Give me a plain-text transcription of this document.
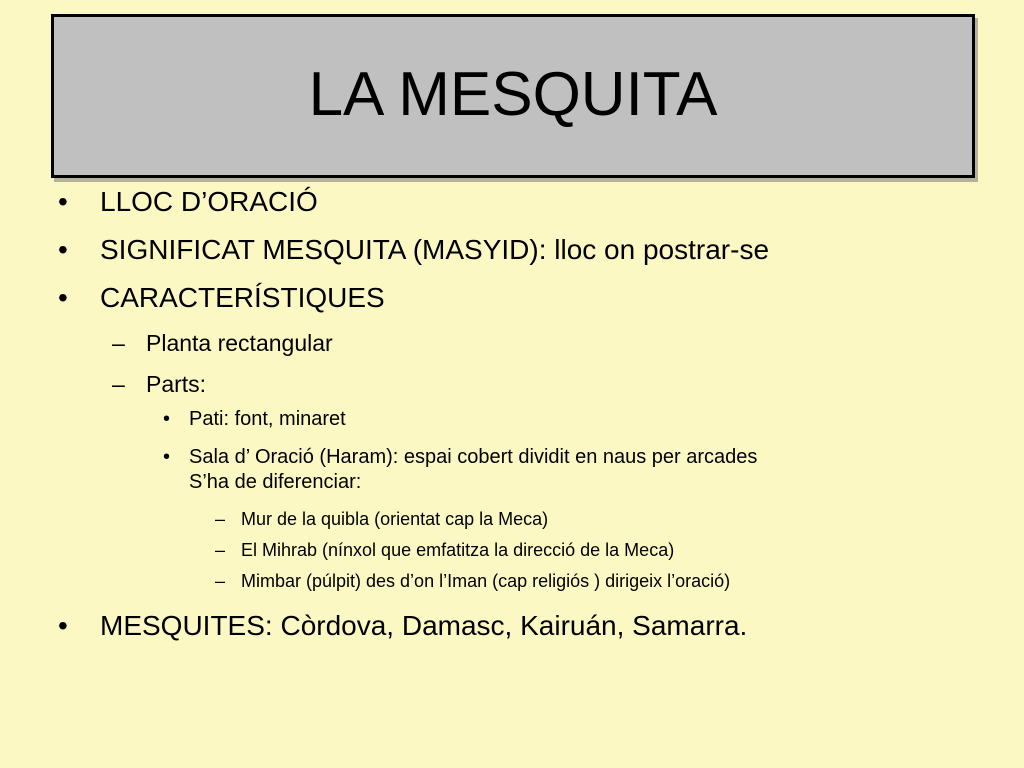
LA MESQUITA
• LLOC D’ORACIÓ
• SIGNIFICAT MESQUITA (MASYID): lloc on postrar-se
• CARACTERÍSTIQUES
– Planta rectangular
– Parts:
• Pati: font, minaret
• Sala d’ Oració (Haram): espai cobert dividit en naus per arcades
S’ha de diferenciar:
– Mur de la quibla (orientat cap la Meca)
– El Mihrab (nínxol que emfatitza la direcció de la Meca)
– Mimbar (púlpit) des d’on l’Iman (cap religiós ) dirigeix l’oració)
• MESQUITES: Còrdova, Damasc, Kairuán, Samarra.
